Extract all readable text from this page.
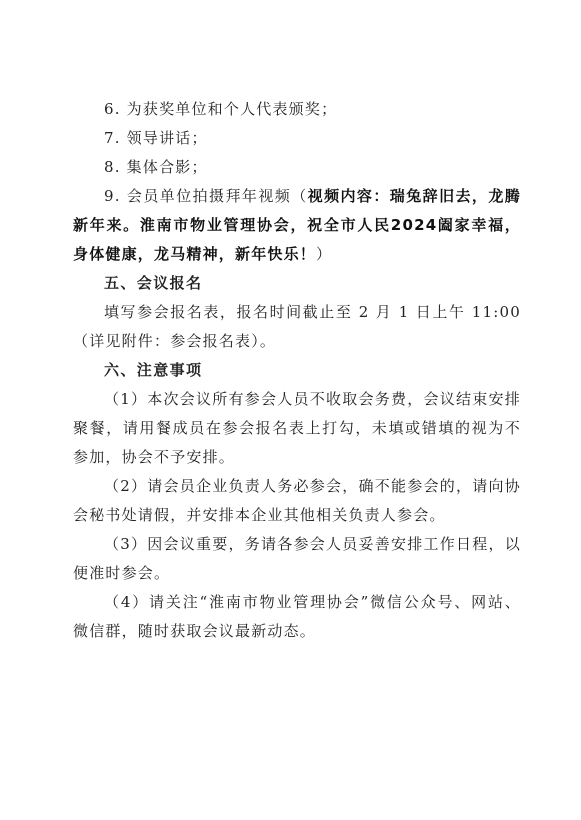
6. 为获奖单位和个人代表颁奖；

7. 领导讲话；

8. 集体合影；

9. 会员单位拍摄拜年视频（视频内容：瑞兔辞旧去，龙腾新年来。淮南市物业管理协会，祝全市人民2024阖家幸福，身体健康，龙马精神，新年快乐！）

五、会议报名

填写参会报名表，报名时间截止至 2 月 1 日上午 11:00（详见附件：参会报名表）。

六、注意事项

（1）本次会议所有参会人员不收取会务费，会议结束安排聚餐，请用餐成员在参会报名表上打勾，未填或错填的视为不参加，协会不予安排。

（2）请会员企业负责人务必参会，确不能参会的，请向协会秘书处请假，并安排本企业其他相关负责人参会。

（3）因会议重要，务请各参会人员妥善安排工作日程，以便准时参会。

（4）请关注“淮南市物业管理协会”微信公众号、网站、微信群，随时获取会议最新动态。
